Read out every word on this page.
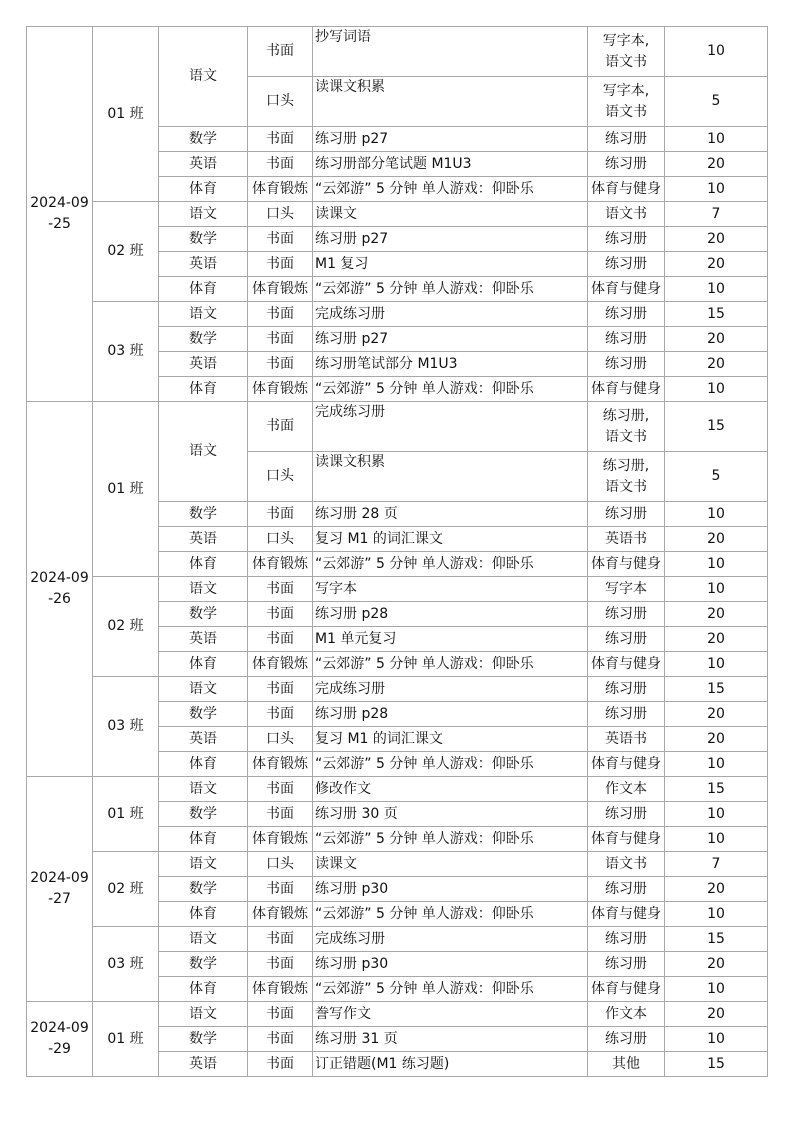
2024-09-25	01 班	语文	书面	抄写词语	写字本,语文书	10
			口头	读课文积累	写字本,语文书	5
		数学	书面	练习册 p27	练习册	10
		英语	书面	练习册部分笔试题 M1U3	练习册	20
		体育	体育锻炼	“云郊游” 5 分钟 单人游戏：仰卧乐	体育与健身	10
	02 班	语文	口头	读课文	语文书	7
		数学	书面	练习册 p27	练习册	20
		英语	书面	M1 复习	练习册	20
		体育	体育锻炼	“云郊游” 5 分钟 单人游戏：仰卧乐	体育与健身	10
	03 班	语文	书面	完成练习册	练习册	15
		数学	书面	练习册 p27	练习册	20
		英语	书面	练习册笔试部分 M1U3	练习册	20
		体育	体育锻炼	“云郊游” 5 分钟 单人游戏：仰卧乐	体育与健身	10
2024-09-26	01 班	语文	书面	完成练习册	练习册,语文书	15
			口头	读课文积累	练习册,语文书	5
		数学	书面	练习册 28 页	练习册	10
		英语	口头	复习 M1 的词汇课文	英语书	20
		体育	体育锻炼	“云郊游” 5 分钟 单人游戏：仰卧乐	体育与健身	10
	02 班	语文	书面	写字本	写字本	10
		数学	书面	练习册 p28	练习册	20
		英语	书面	M1 单元复习	练习册	20
		体育	体育锻炼	“云郊游” 5 分钟 单人游戏：仰卧乐	体育与健身	10
	03 班	语文	书面	完成练习册	练习册	15
		数学	书面	练习册 p28	练习册	20
		英语	口头	复习 M1 的词汇课文	英语书	20
		体育	体育锻炼	“云郊游” 5 分钟 单人游戏：仰卧乐	体育与健身	10
2024-09-27	01 班	语文	书面	修改作文	作文本	15
		数学	书面	练习册 30 页	练习册	10
		体育	体育锻炼	“云郊游” 5 分钟 单人游戏：仰卧乐	体育与健身	10
	02 班	语文	口头	读课文	语文书	7
		数学	书面	练习册 p30	练习册	20
		体育	体育锻炼	“云郊游” 5 分钟 单人游戏：仰卧乐	体育与健身	10
	03 班	语文	书面	完成练习册	练习册	15
		数学	书面	练习册 p30	练习册	20
		体育	体育锻炼	“云郊游” 5 分钟 单人游戏：仰卧乐	体育与健身	10
2024-09-29	01 班	语文	书面	誊写作文	作文本	20
		数学	书面	练习册 31 页	练习册	10
		英语	书面	订正错题(M1 练习题)	其他	15
